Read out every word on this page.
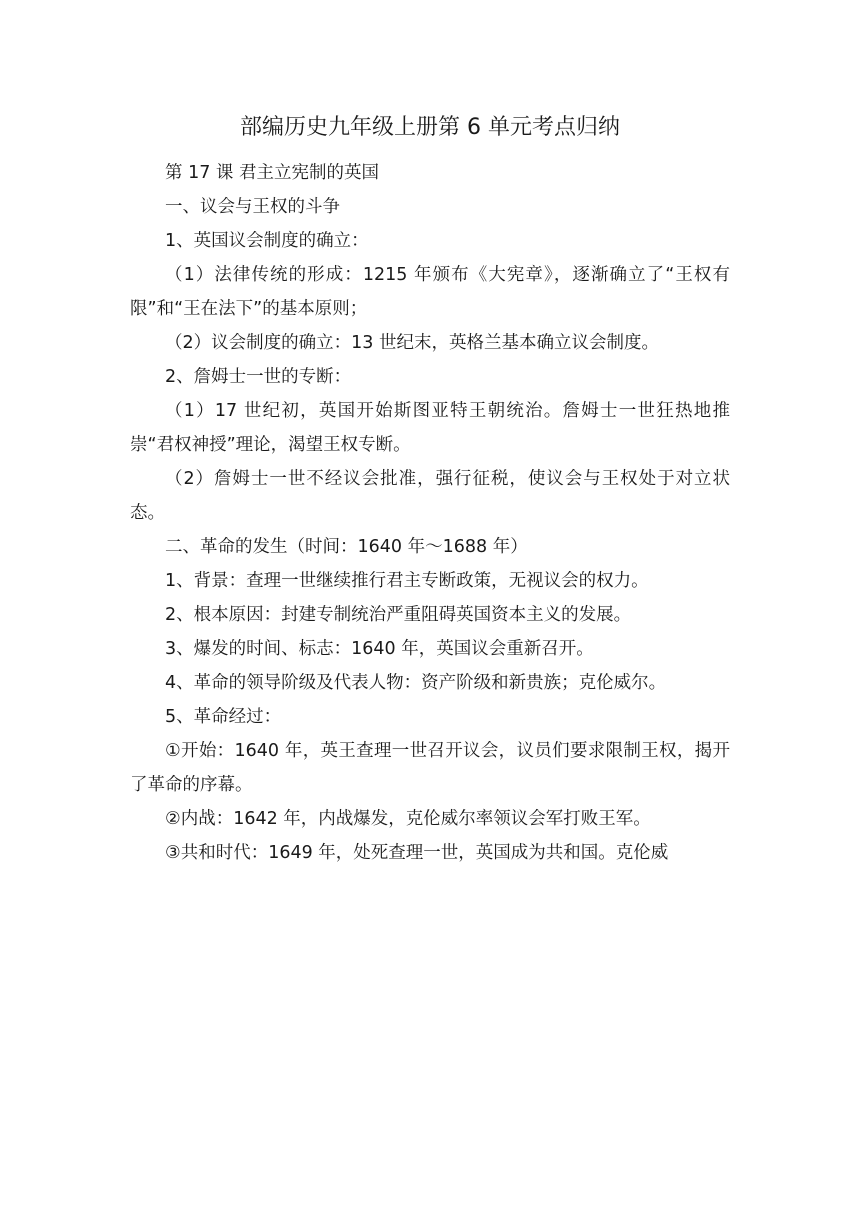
部编历史九年级上册第 6 单元考点归纳

第 17 课 君主立宪制的英国

一、议会与王权的斗争

1、英国议会制度的确立：

（1）法律传统的形成：1215 年颁布《大宪章》，逐渐确立了“王权有限”和“王在法下”的基本原则；

（2）议会制度的确立：13 世纪末，英格兰基本确立议会制度。

2、詹姆士一世的专断：

（1）17 世纪初，英国开始斯图亚特王朝统治。詹姆士一世狂热地推崇“君权神授”理论，渴望王权专断。

（2）詹姆士一世不经议会批准，强行征税，使议会与王权处于对立状态。

二、革命的发生（时间：1640 年～1688 年）

1、背景：查理一世继续推行君主专断政策，无视议会的权力。

2、根本原因：封建专制统治严重阻碍英国资本主义的发展。

3、爆发的时间、标志：1640 年，英国议会重新召开。

4、革命的领导阶级及代表人物：资产阶级和新贵族；克伦威尔。

5、革命经过：

①开始：1640 年，英王查理一世召开议会，议员们要求限制王权，揭开了革命的序幕。

②内战：1642 年，内战爆发，克伦威尔率领议会军打败王军。

③共和时代：1649 年，处死查理一世，英国成为共和国。克伦威
